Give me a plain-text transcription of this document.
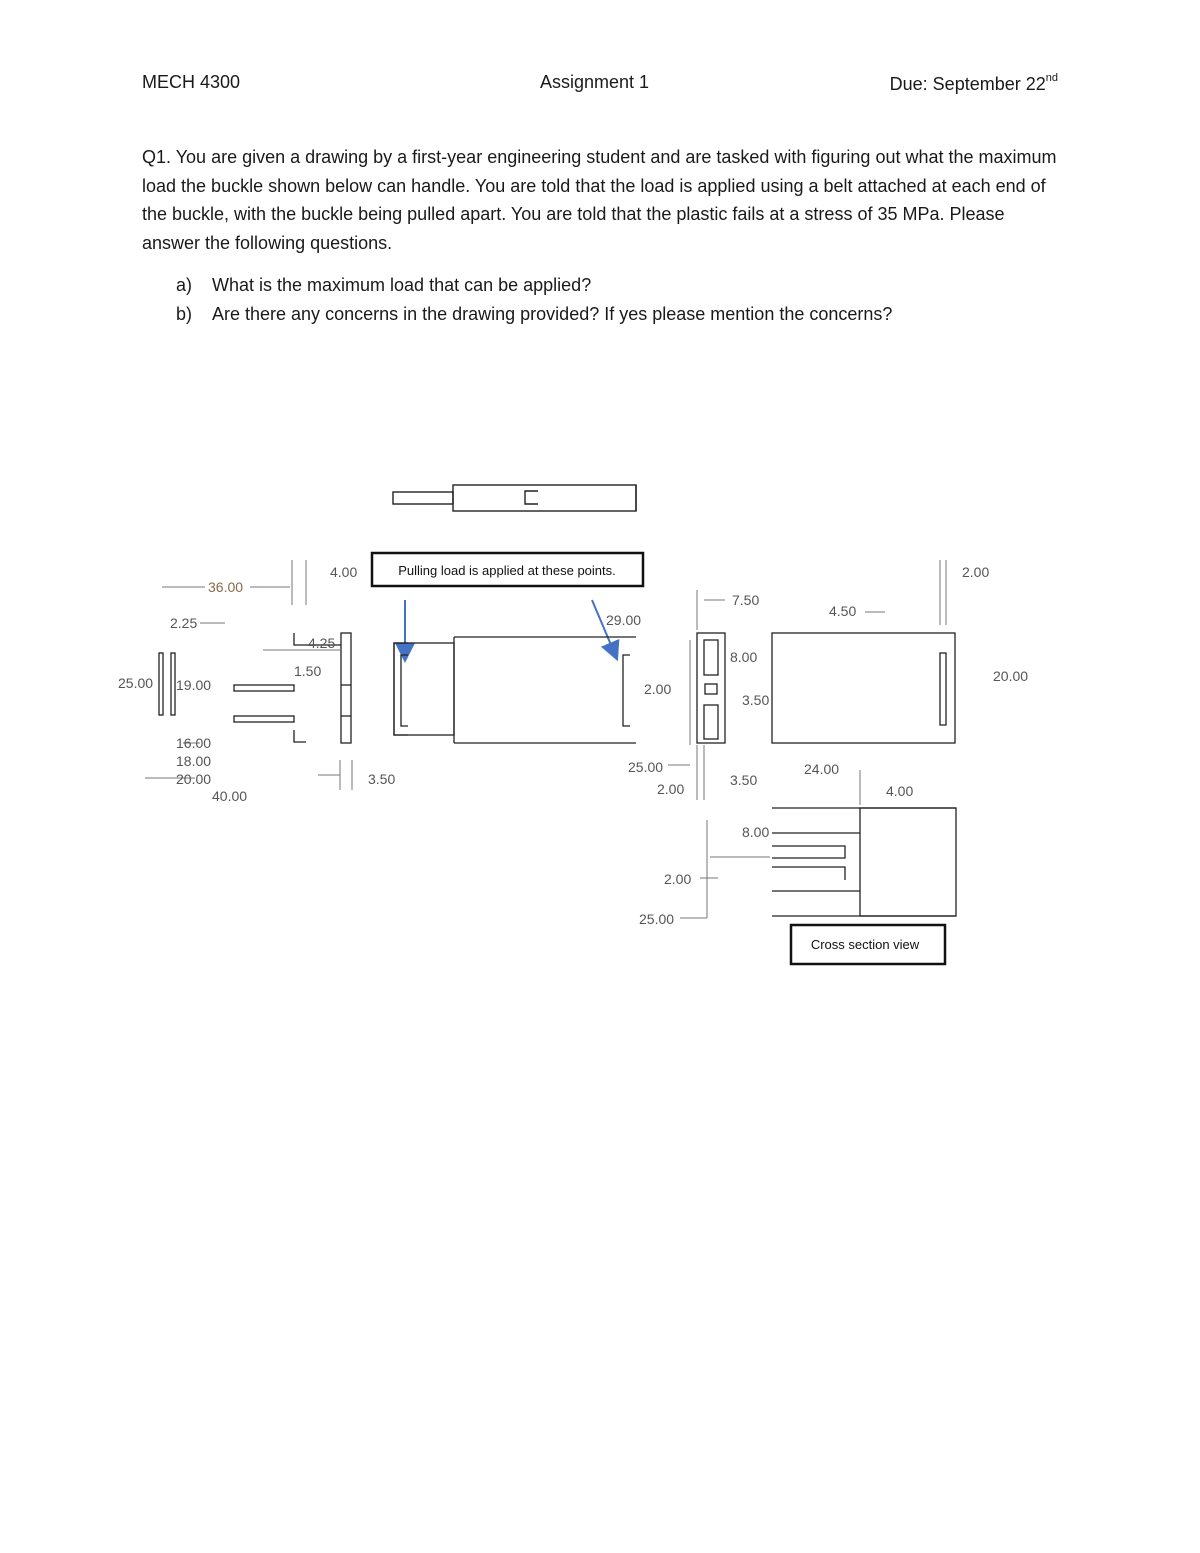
MECH 4300	Assignment 1	Due: September 22nd
Q1. You are given a drawing by a first-year engineering student and are tasked with figuring out what the maximum load the buckle shown below can handle. You are told that the load is applied using a belt attached at each end of the buckle, with the buckle being pulled apart. You are told that the plastic fails at a stress of 35 MPa. Please answer the following questions.
a)	What is the maximum load that can be applied?
b)	Are there any concerns in the drawing provided? If yes please mention the concerns?
Pulling load is applied at these points.
36.00
4.00
2.25
4.25
1.50
25.00 19.00
16.00
18.00
20.00
40.00
3.50
29.00
7.50
8.00
2.00
3.50
25.00
2.00
3.50
4.50
24.00
2.00
20.00
4.00
8.00
2.00
25.00
Cross section view
